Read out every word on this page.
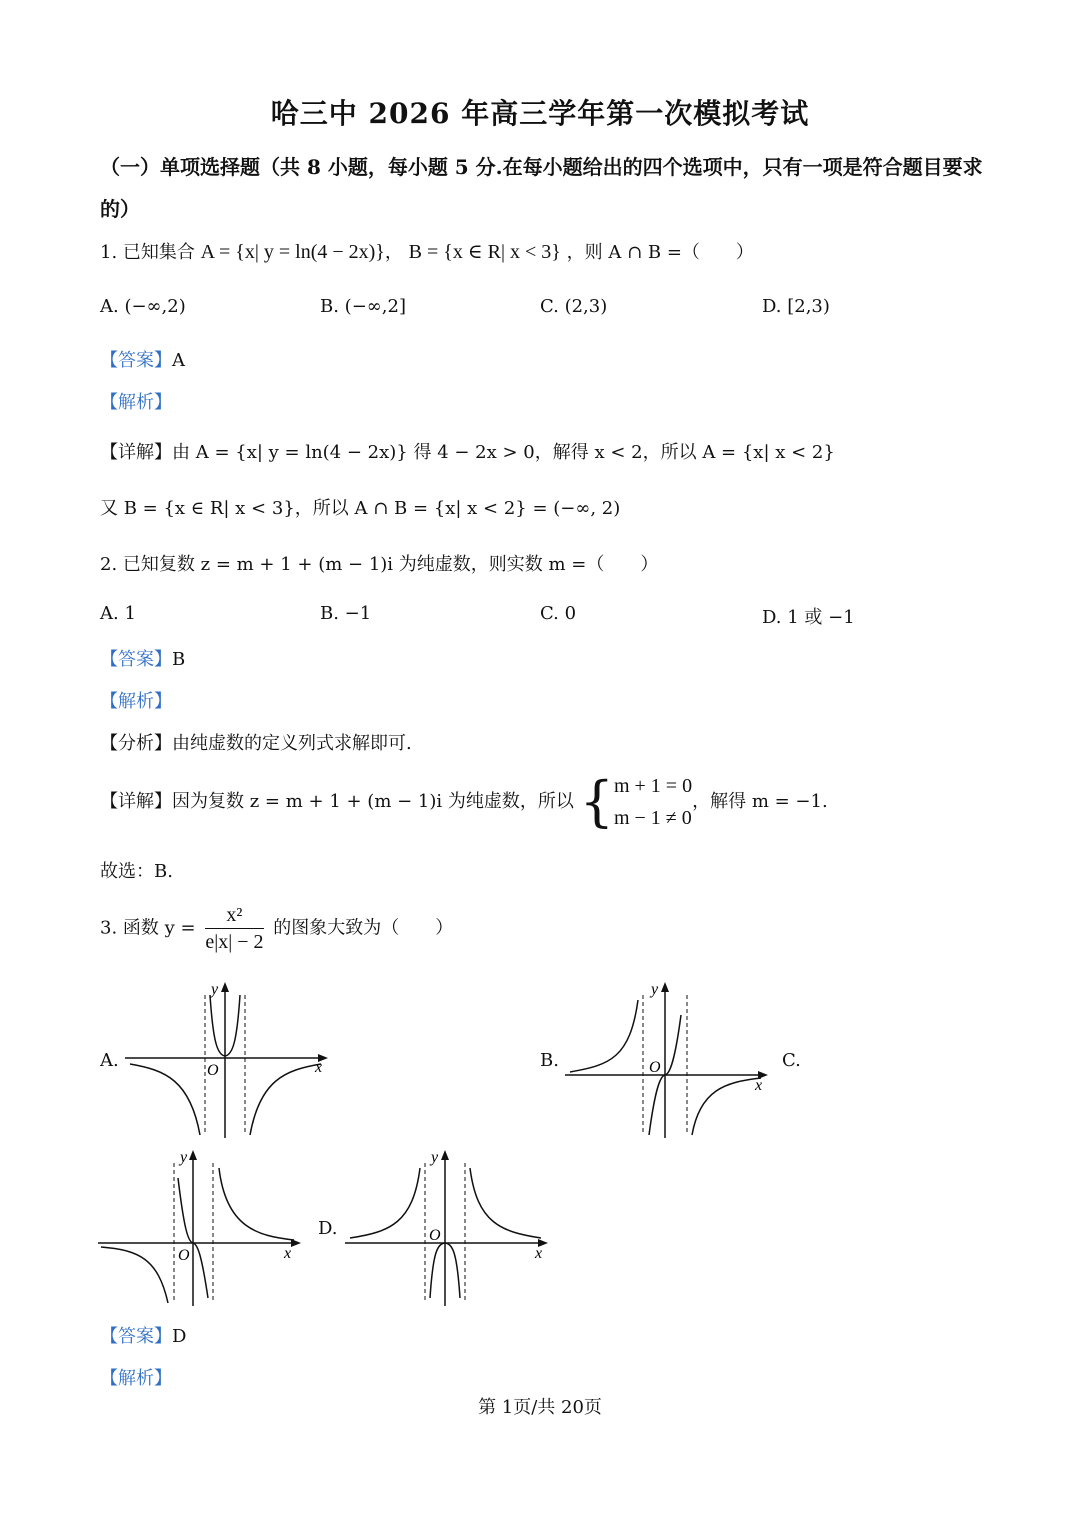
哈三中 2026 年高三学年第一次模拟考试
（一）单项选择题（共 8 小题，每小题 5 分.在每小题给出的四个选项中，只有一项是符合题目要求的）
1. 已知集合 A = {x| y = ln(4 − 2x)}， B = {x ∈ R| x < 3} ，则 A ∩ B =（　　）
A. (−∞,2)	B. (−∞,2]	C. (2,3)	D. [2,3)
【答案】A
【解析】
【详解】由 A = {x| y = ln(4 − 2x)} 得 4 − 2x > 0，解得 x < 2，所以 A = {x| x < 2}
又 B = {x ∈ R| x < 3}，所以 A ∩ B = {x| x < 2} = (−∞, 2)
2. 已知复数 z = m + 1 + (m − 1)i 为纯虚数，则实数 m =（　　）
A. 1	B. −1	C. 0	D. 1 或 −1
【答案】B
【解析】
【分析】由纯虚数的定义列式求解即可.
【详解】因为复数 z = m + 1 + (m − 1)i 为纯虚数，所以 {m + 1 = 0
m − 1 ≠ 0，解得 m = −1.
故选：B.
3. 函数 $y = \frac{\text{x²}}{e|x| - 2}$ 的图象大致为（　　）
A.	O	x
y
B.	O
x
y
C.
O	x
y
D.	O
x
y
【答案】D
【解析】
第 1页/共 20页
